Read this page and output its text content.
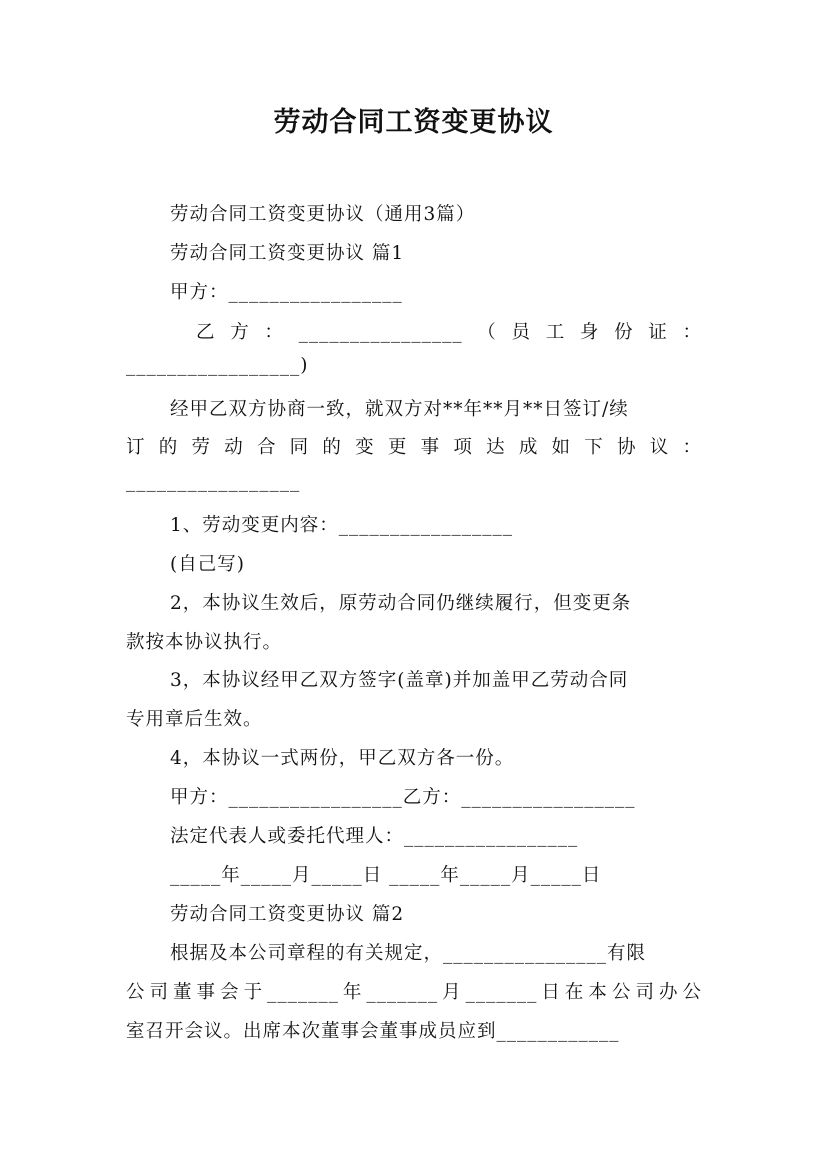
劳动合同工资变更协议
劳动合同工资变更协议（通用3篇）
劳动合同工资变更协议 篇1
甲方：_________________
乙方：________________（员工身份证：
_________________)
经甲乙双方协商一致，就双方对**年**月**日签订/续
订的劳动合同的变更事项达成如下协议：
_________________
1、劳动变更内容：_________________
(自己写)
2，本协议生效后，原劳动合同仍继续履行，但变更条
款按本协议执行。
3，本协议经甲乙双方签字(盖章)并加盖甲乙劳动合同
专用章后生效。
4，本协议一式两份，甲乙双方各一份。
甲方：_________________乙方：_________________
法定代表人或委托代理人：_________________
_____年_____月_____日 _____年_____月_____日
劳动合同工资变更协议 篇2
根据及本公司章程的有关规定，________________有限
公司董事会于_______年_______月_______日在本公司办公
室召开会议。出席本次董事会董事成员应到____________
